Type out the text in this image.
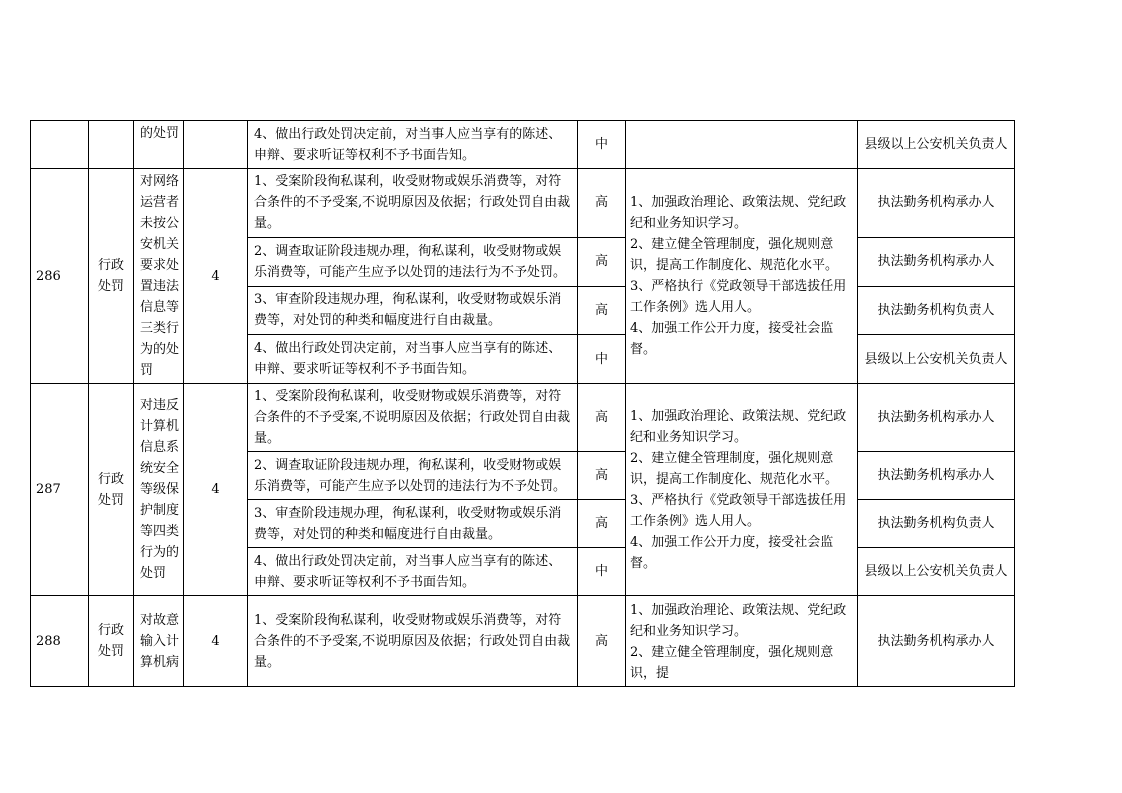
		的处罚		4、做出行政处罚决定前，对当事人应当享有的陈述、申辩、要求听证等权利不予书面告知。	中		县级以上公安机关负责人
286	行政处罚	对网络运营者未按公安机关要求处置违法信息等三类行为的处罚	4	1、受案阶段徇私谋利，收受财物或娱乐消费等，对符合条件的不予受案,不说明原因及依据；行政处罚自由裁量。	高	1、加强政治理论、政策法规、党纪政纪和业务知识学习。
2、建立健全管理制度，强化规则意识，提高工作制度化、规范化水平。
3、严格执行《党政领导干部选拔任用工作条例》选人用人。
4、加强工作公开力度，接受社会监督。	执法勤务机构承办人
				2、调查取证阶段违规办理，徇私谋利，收受财物或娱乐消费等，可能产生应予以处罚的违法行为不予处罚。	高		执法勤务机构承办人
				3、审查阶段违规办理，徇私谋利，收受财物或娱乐消费等，对处罚的种类和幅度进行自由裁量。	高		执法勤务机构负责人
				4、做出行政处罚决定前，对当事人应当享有的陈述、申辩、要求听证等权利不予书面告知。	中		县级以上公安机关负责人
287	行政处罚	对违反计算机信息系统安全等级保护制度等四类行为的处罚	4	1、受案阶段徇私谋利，收受财物或娱乐消费等，对符合条件的不予受案,不说明原因及依据；行政处罚自由裁量。	高	1、加强政治理论、政策法规、党纪政纪和业务知识学习。
2、建立健全管理制度，强化规则意识，提高工作制度化、规范化水平。
3、严格执行《党政领导干部选拔任用工作条例》选人用人。
4、加强工作公开力度，接受社会监督。	执法勤务机构承办人
				2、调查取证阶段违规办理，徇私谋利，收受财物或娱乐消费等，可能产生应予以处罚的违法行为不予处罚。	高		执法勤务机构承办人
				3、审查阶段违规办理，徇私谋利，收受财物或娱乐消费等，对处罚的种类和幅度进行自由裁量。	高		执法勤务机构负责人
				4、做出行政处罚决定前，对当事人应当享有的陈述、申辩、要求听证等权利不予书面告知。	中		县级以上公安机关负责人
288	行政处罚	对故意输入计算机病	4	1、受案阶段徇私谋利，收受财物或娱乐消费等，对符合条件的不予受案,不说明原因及依据；行政处罚自由裁量。	高	1、加强政治理论、政策法规、党纪政纪和业务知识学习。
2、建立健全管理制度，强化规则意识，提	执法勤务机构承办人
